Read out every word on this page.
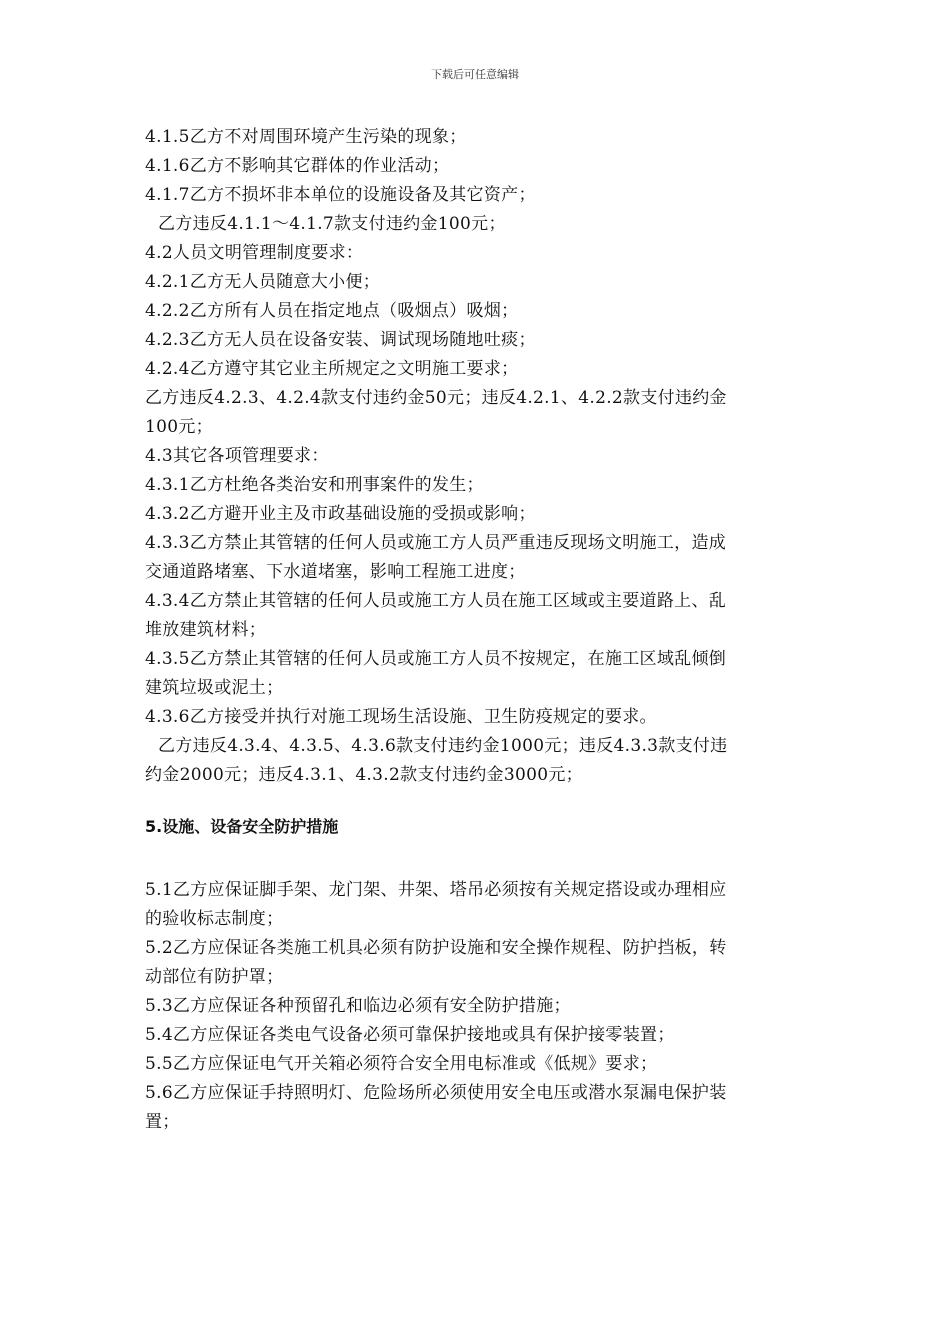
下载后可任意编辑
4.1.5乙方不对周围环境产生污染的现象；
4.1.6乙方不影响其它群体的作业活动；
4.1.7乙方不损坏非本单位的设施设备及其它资产；
乙方违反4.1.1～4.1.7款支付违约金100元；
4.2人员文明管理制度要求：
4.2.1乙方无人员随意大小便；
4.2.2乙方所有人员在指定地点（吸烟点）吸烟；
4.2.3乙方无人员在设备安装、调试现场随地吐痰；
4.2.4乙方遵守其它业主所规定之文明施工要求；
乙方违反4.2.3、4.2.4款支付违约金50元；违反4.2.1、4.2.2款支付违约金
100元；
4.3其它各项管理要求：
4.3.1乙方杜绝各类治安和刑事案件的发生；
4.3.2乙方避开业主及市政基础设施的受损或影响；
4.3.3乙方禁止其管辖的任何人员或施工方人员严重违反现场文明施工，造成
交通道路堵塞、下水道堵塞，影响工程施工进度；
4.3.4乙方禁止其管辖的任何人员或施工方人员在施工区域或主要道路上、乱
堆放建筑材料；
4.3.5乙方禁止其管辖的任何人员或施工方人员不按规定，在施工区域乱倾倒
建筑垃圾或泥土；
4.3.6乙方接受并执行对施工现场生活设施、卫生防疫规定的要求。
乙方违反4.3.4、4.3.5、4.3.6款支付违约金1000元；违反4.3.3款支付违
约金2000元；违反4.3.1、4.3.2款支付违约金3000元；
5.设施、设备安全防护措施
5.1乙方应保证脚手架、龙门架、井架、塔吊必须按有关规定搭设或办理相应
的验收标志制度；
5.2乙方应保证各类施工机具必须有防护设施和安全操作规程、防护挡板，转
动部位有防护罩；
5.3乙方应保证各种预留孔和临边必须有安全防护措施；
5.4乙方应保证各类电气设备必须可靠保护接地或具有保护接零装置；
5.5乙方应保证电气开关箱必须符合安全用电标准或《低规》要求；
5.6乙方应保证手持照明灯、危险场所必须使用安全电压或潜水泵漏电保护装
置；
